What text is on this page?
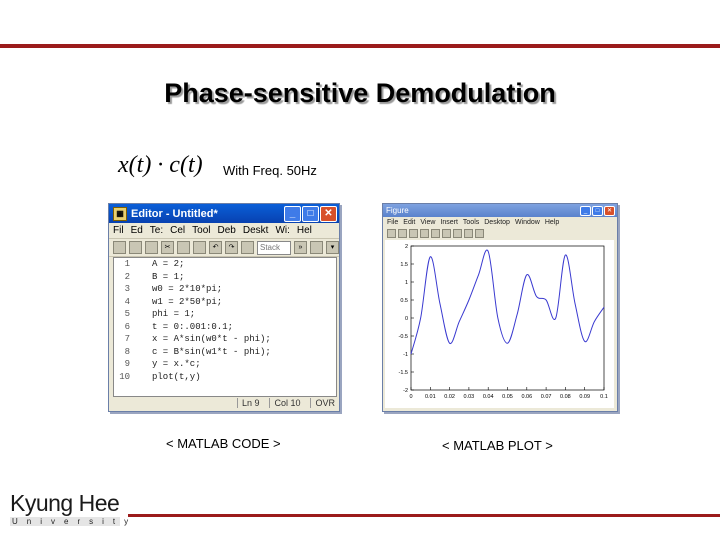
Phase-sensitive Demodulation
x(t) · c(t) With Freq. 50Hz
▦ Editor - Untitled*	_	□	✕
Fil Ed Te: Cel Tool Deb Deskt Wi: Hel
✂	↶	↷	Stack	»	▾
1	A = 2;
2	B = 1;
3	w0 = 2*10*pi;
4	w1 = 2*50*pi;
5	phi = 1;
6	t = 0:.001:0.1;
7	x = A*sin(w0*t - phi);
8	c = B*sin(w1*t - phi);
9	y = x.*c;
10	plot(t,y)
Ln 9	Col 10	OVR
Figure	_	□	✕
File Edit View Insert Tools Desktop Window Help
2
1.5
1
0.5
0
-0.5
-1
-1.5
-2
0 0.01 0.02 0.03 0.04 0.05 0.06 0.07 0.08 0.09 0.1
< MATLAB CODE >	< MATLAB PLOT >
Kyung Hee
University
